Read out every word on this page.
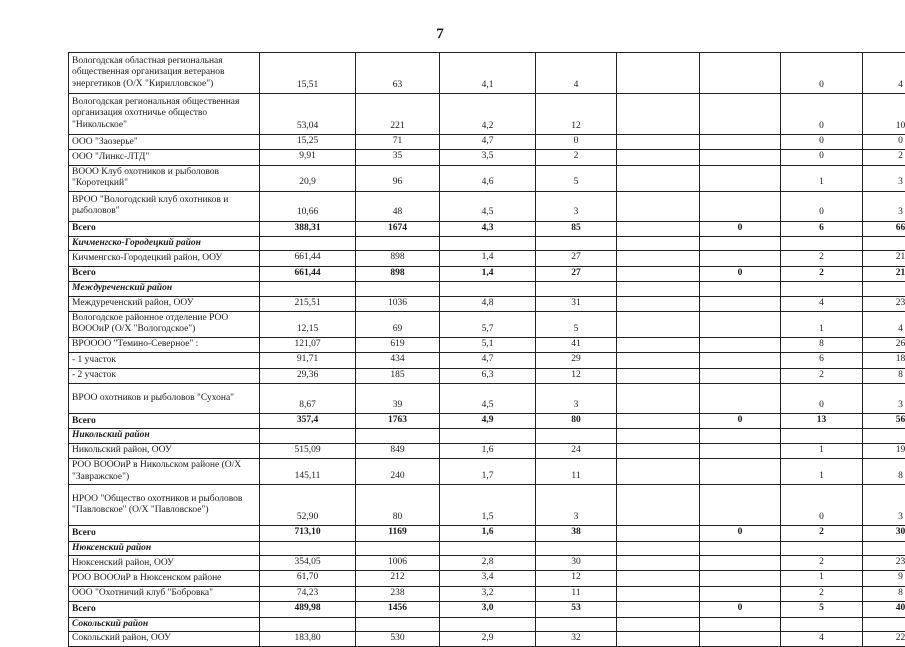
7
Вологодская областная региональная общественная организация ветеранов энергетиков (О/Х "Кирилловское")	15,51	63	4,1	4			0	4	
Вологодская региональная общественная организация охотничье общество "Никольское"	53,04	221	4,2	12			0	10	
ООО "Заозерье"	15,25	71	4,7	0			0	0	
ООО "Линкс-ЛТД"	9,91	35	3,5	2			0	2	
ВООО Клуб охотников и рыболовов "Коротецкий"	20,9	96	4,6	5			1	3	
ВРОО "Вологодский клуб охотников и рыболовов"	10,66	48	4,5	3			0	3	
Всего	388,31	1674	4,3	85		0	6	66	
Кичменгско-Городецкий район									
Кичменгско-Городецкий район, ООУ	661,44	898	1,4	27			2	21	
Всего	661,44	898	1,4	27		0	2	21	
Междуреченский район									
Междуреченский район, ООУ	215,51	1036	4,8	31			4	23	
Вологодское районное отделение РОО ВОООиР (О/Х "Вологодское")	12,15	69	5,7	5			1	4	
ВРОООО "Темино-Северное" :	121,07	619	5,1	41			8	26	
- 1 участок	91,71	434	4,7	29			6	18	
- 2 участок	29,36	185	6,3	12			2	8	
ВРОО охотников и рыболовов "Сухона"	8,67	39	4,5	3			0	3	
Всего	357,4	1763	4,9	80		0	13	56	
Никольский район									
Никольский район, ООУ	515,09	849	1,6	24			1	19	
РОО ВОООиР в Никольском районе (О/Х "Завражское")	145,11	240	1,7	11			1	8	
НРОО "Общество охотников и рыболовов "Павловское" (О/Х "Павловское")	52,90	80	1,5	3			0	3	
Всего	713,10	1169	1,6	38		0	2	30	
Нюксенский район									
Нюксенский район, ООУ	354,05	1006	2,8	30			2	23	
РОО ВОООиР в Нюксенском районе	61,70	212	3,4	12			1	9	
ООО "Охотничий клуб "Бобровка"	74,23	238	3,2	11			2	8	
Всего	489,98	1456	3,0	53		0	5	40	
Сокольский район									
Сокольский район, ООУ	183,80	530	2,9	32			4	22	
